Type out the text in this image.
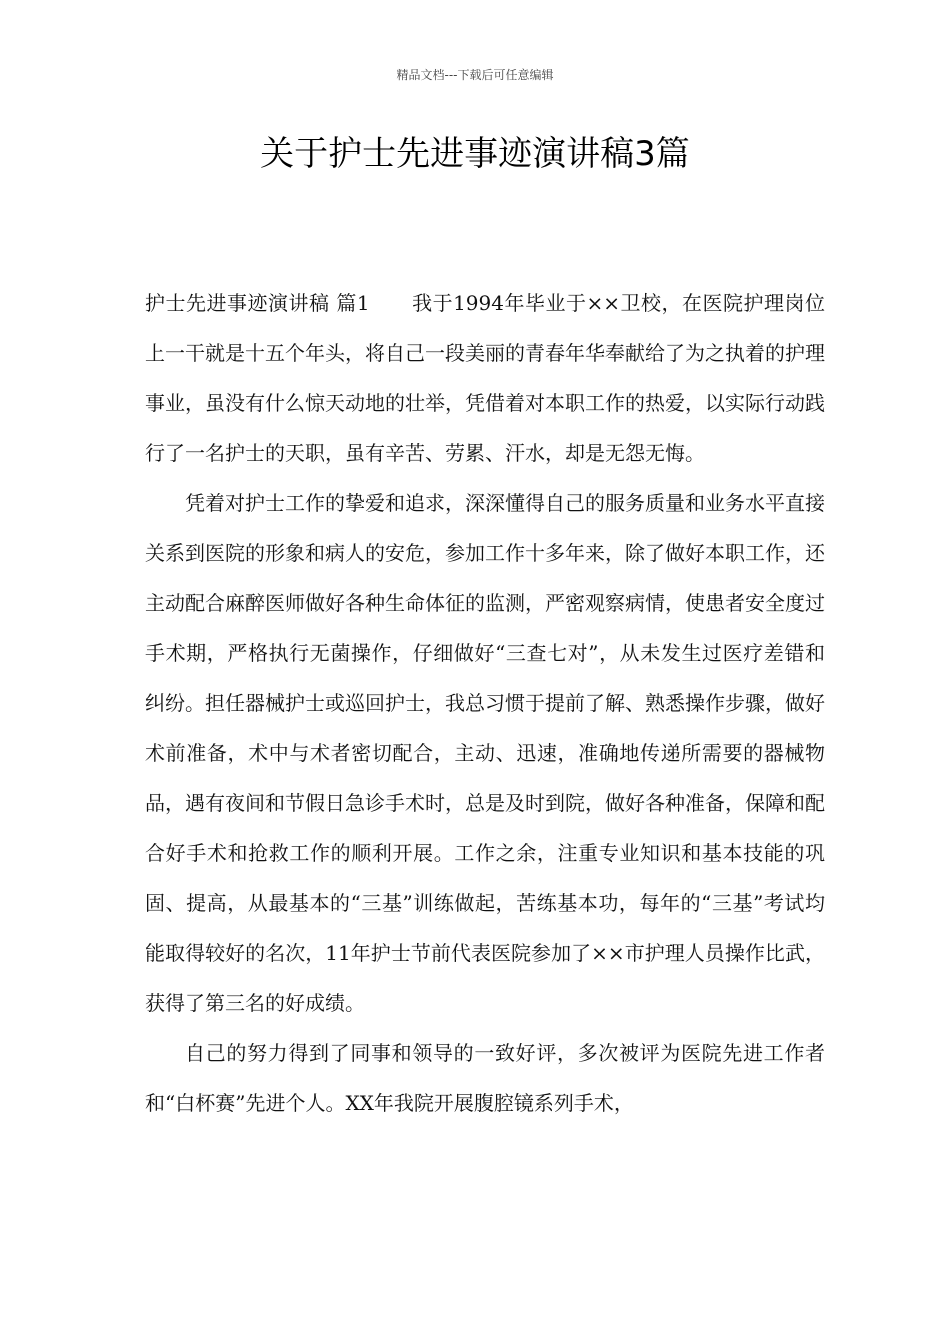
精品文档---下载后可任意编辑
关于护士先进事迹演讲稿3篇

护士先进事迹演讲稿 篇1 我于1994年毕业于××卫校，在医院护理岗位上一干就是十五个年头，将自己一段美丽的青春年华奉献给了为之执着的护理事业，虽没有什么惊天动地的壮举，凭借着对本职工作的热爱，以实际行动践行了一名护士的天职，虽有辛苦、劳累、汗水，却是无怨无悔。

凭着对护士工作的挚爱和追求，深深懂得自己的服务质量和业务水平直接关系到医院的形象和病人的安危，参加工作十多年来，除了做好本职工作，还主动配合麻醉医师做好各种生命体征的监测，严密观察病情，使患者安全度过手术期，严格执行无菌操作，仔细做好“三查七对”，从未发生过医疗差错和纠纷。担任器械护士或巡回护士，我总习惯于提前了解、熟悉操作步骤，做好术前准备，术中与术者密切配合，主动、迅速，准确地传递所需要的器械物品，遇有夜间和节假日急诊手术时，总是及时到院，做好各种准备，保障和配合好手术和抢救工作的顺利开展。工作之余，注重专业知识和基本技能的巩固、提高，从最基本的“三基”训练做起，苦练基本功，每年的“三基”考试均能取得较好的名次，11年护士节前代表医院参加了××市护理人员操作比武，获得了第三名的好成绩。

自己的努力得到了同事和领导的一致好评，多次被评为医院先进工作者和“白杯赛”先进个人。XX年我院开展腹腔镜系列手术，
